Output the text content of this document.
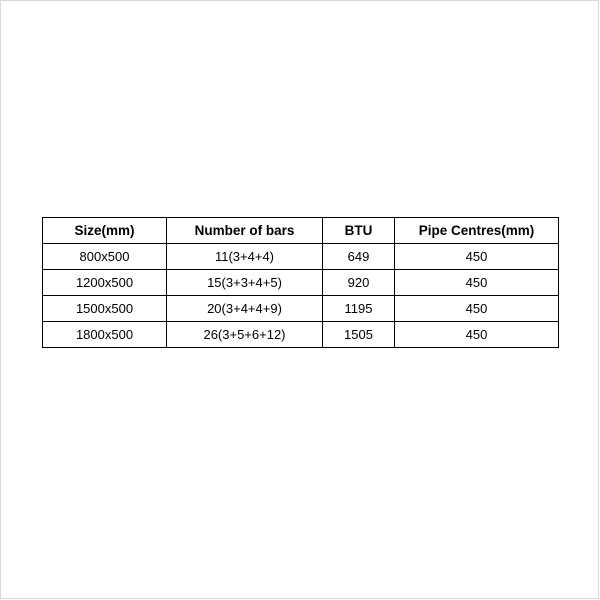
Size(mm)	Number of bars	BTU	Pipe Centres(mm)
800x500	11(3+4+4)	649	450
1200x500	15(3+3+4+5)	920	450
1500x500	20(3+4+4+9)	1195	450
1800x500	26(3+5+6+12)	1505	450
